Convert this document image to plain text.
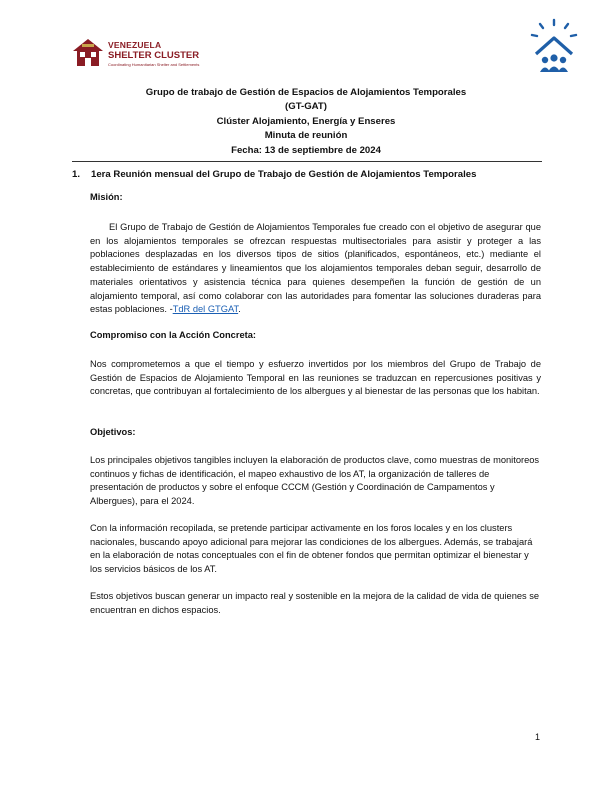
VENEZUELA
SHELTER CLUSTER
Coordinating Humanitarian Shelter and Settlements
Grupo de trabajo de Gestión de Espacios de Alojamientos Temporales
(GT-GAT)
Clúster Alojamiento, Energía y Enseres
Minuta de reunión
Fecha: 13 de septiembre de 2024
1. 1era Reunión mensual del Grupo de Trabajo de Gestión de Alojamientos Temporales
Misión:

El Grupo de Trabajo de Gestión de Alojamientos Temporales fue creado con el objetivo de asegurar que en los alojamientos temporales se ofrezcan respuestas multisectoriales para asistir y proteger a las poblaciones desplazadas en los diversos tipos de sitios (planificados, espontáneos, etc.) mediante el establecimiento de estándares y lineamientos que los alojamientos temporales deban seguir, desarrollo de materiales orientativos y asistencia técnica para quienes desempeñen la función de gestión de un alojamiento temporal, así como colaborar con las autoridades para fomentar las soluciones duraderas para estas poblaciones. -TdR del GTGAT.

Compromiso con la Acción Concreta:

Nos comprometemos a que el tiempo y esfuerzo invertidos por los miembros del Grupo de Trabajo de Gestión de Espacios de Alojamiento Temporal en las reuniones se traduzcan en repercusiones positivas y concretas, que contribuyan al fortalecimiento de los albergues y al bienestar de las personas que los habitan.

Objetivos:

Los principales objetivos tangibles incluyen la elaboración de productos clave, como muestras de monitoreos continuos y fichas de identificación, el mapeo exhaustivo de los AT, la organización de talleres de presentación de productos y sobre el enfoque CCCM (Gestión y Coordinación de Campamentos y Albergues), para el 2024.

Con la información recopilada, se pretende participar activamente en los foros locales y en los clusters nacionales, buscando apoyo adicional para mejorar las condiciones de los albergues. Además, se trabajará en la elaboración de notas conceptuales con el fin de obtener fondos que permitan optimizar el bienestar y los servicios básicos de los AT.

Estos objetivos buscan generar un impacto real y sostenible en la mejora de la calidad de vida de quienes se encuentran en dichos espacios.

1
